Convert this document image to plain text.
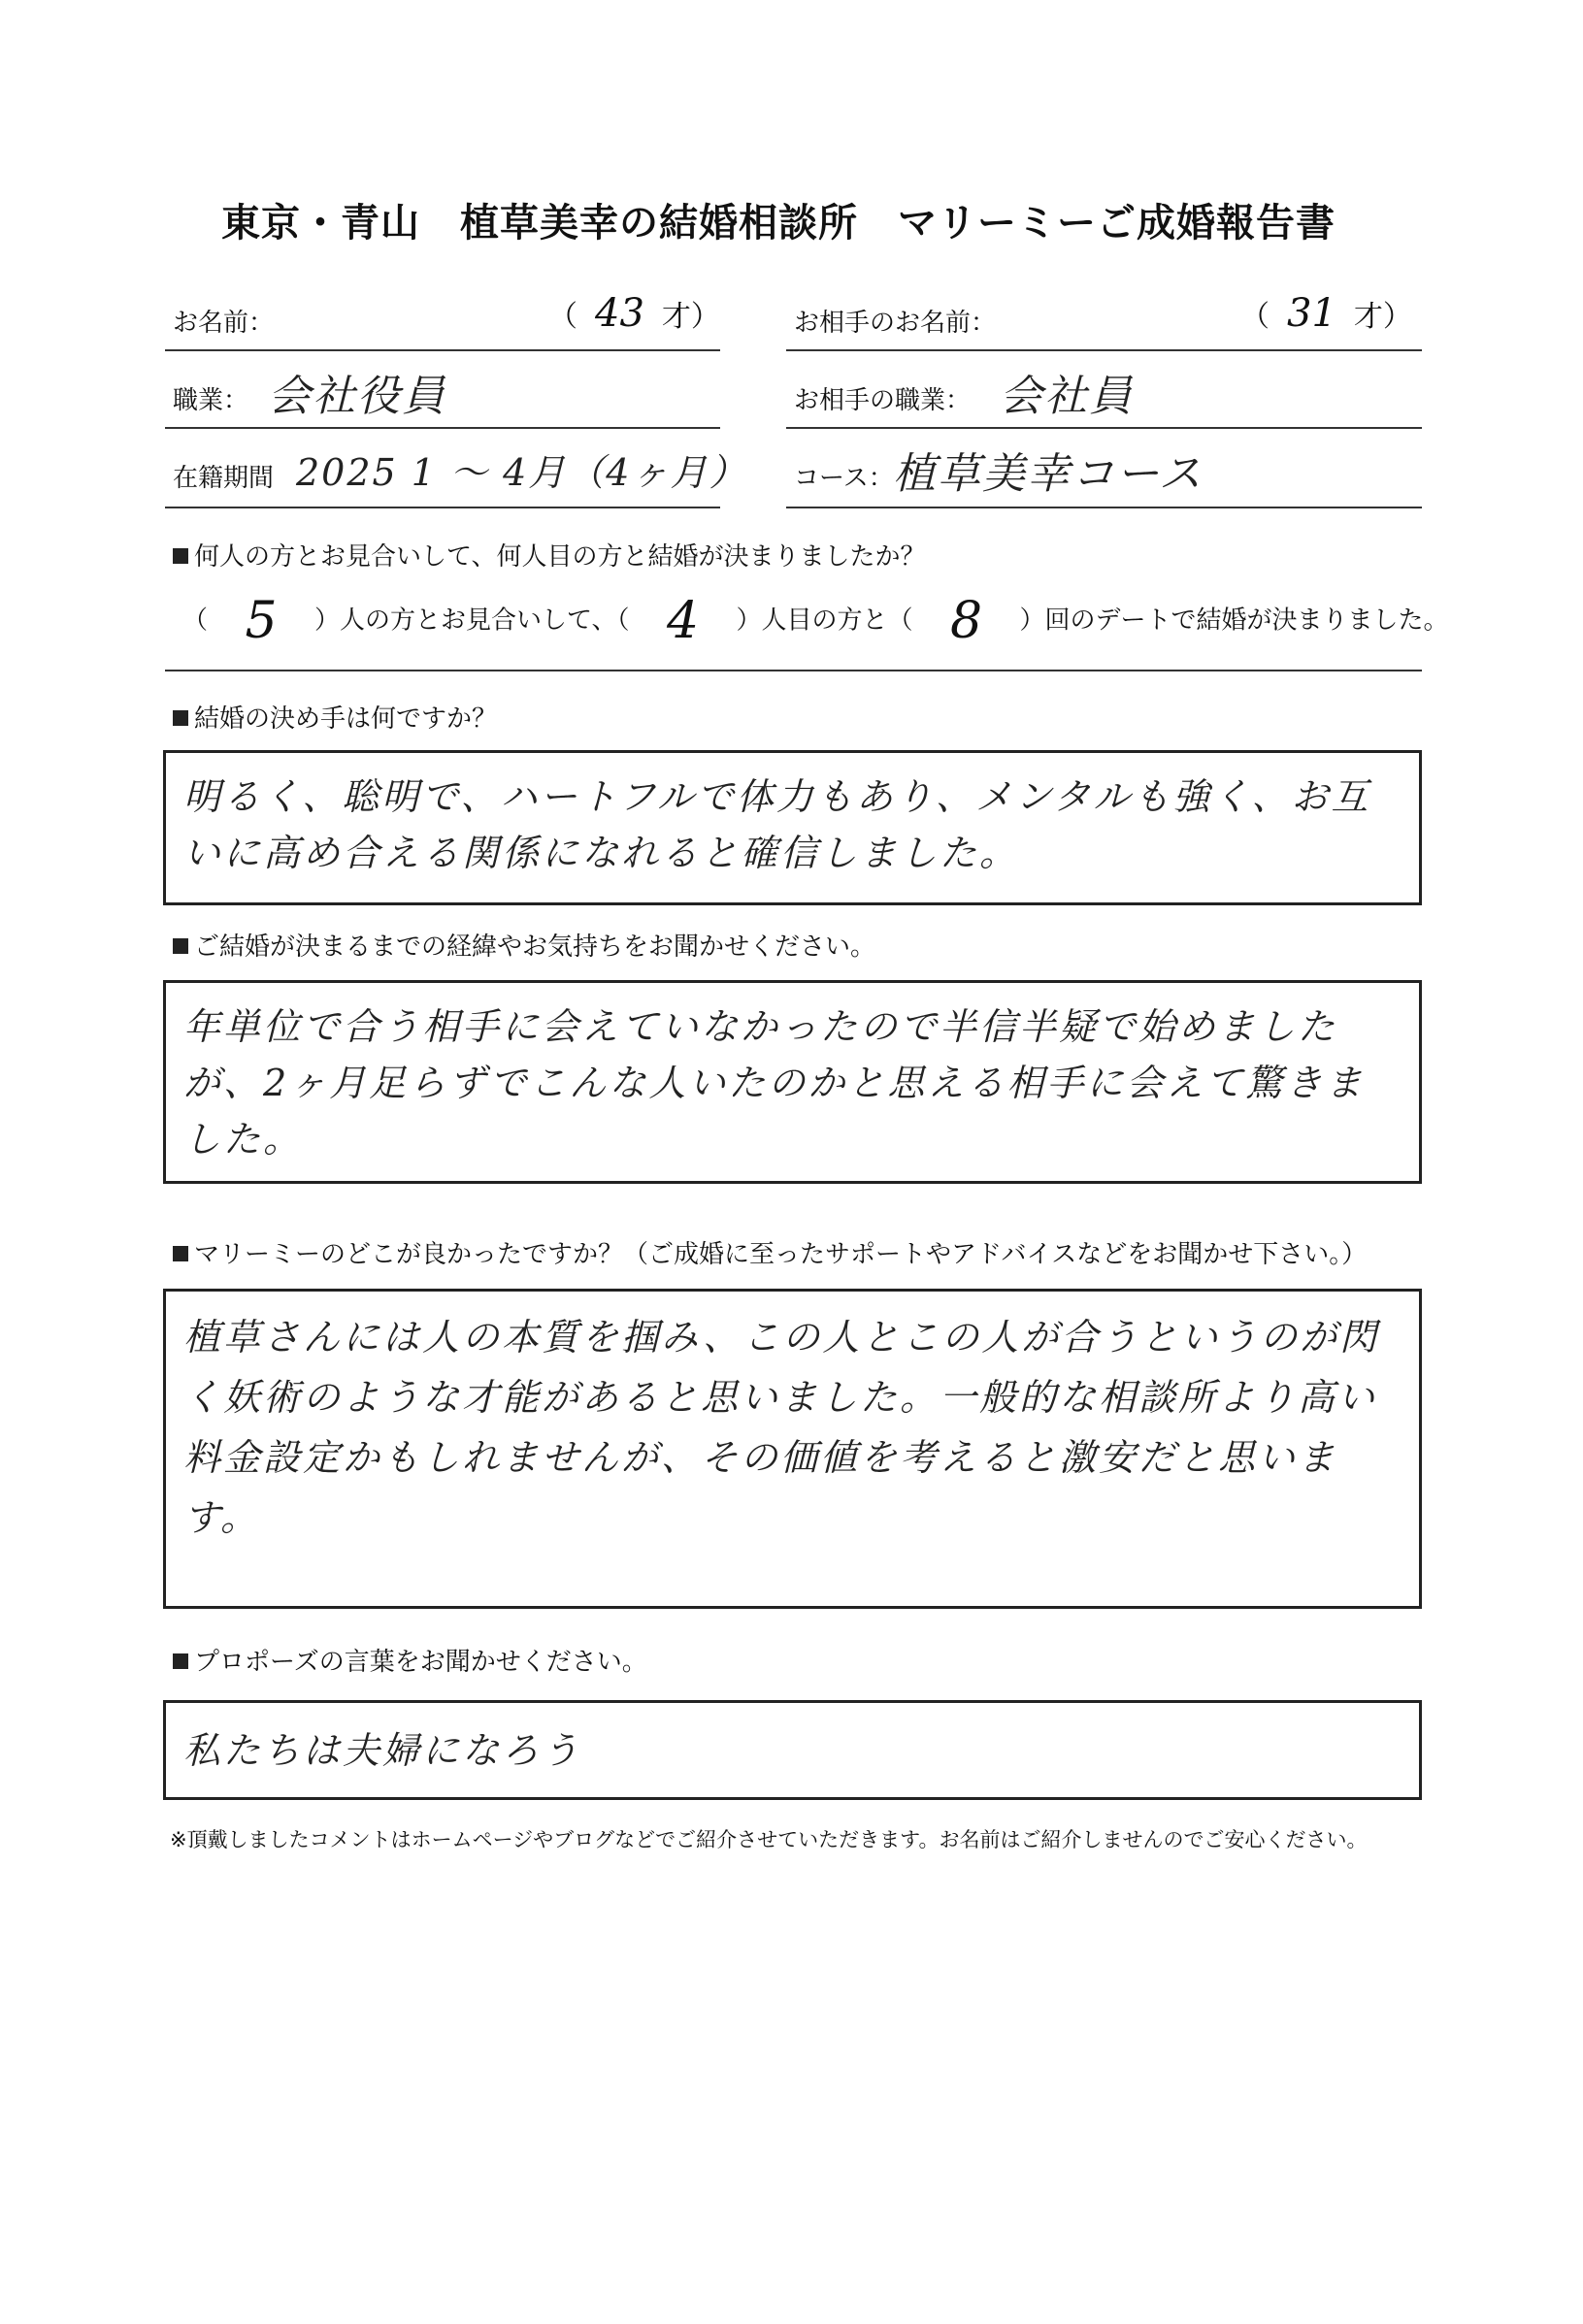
東京・青山　植草美幸の結婚相談所　マリーミーご成婚報告書
お名前：	（ 43 才）	お相手のお名前：	（ 31 才）
職業： 会社役員	お相手の職業： 会社員
在籍期間 2025 1 〜 4月（4ヶ月） コース： 植草美幸コース
何人の方とお見合いして、何人目の方と結婚が決まりましたか？
（ 5 ）人の方とお見合いして、（ 4 ）人目の方と（ 8 ）回のデートで結婚が決まりました。
結婚の決め手は何ですか？
明るく、聡明で、ハートフルで体力もあり、メンタルも強く、お互いに高め合える関係になれると確信しました。
ご結婚が決まるまでの経緯やお気持ちをお聞かせください。
年単位で合う相手に会えていなかったので半信半疑で始めましたが、2ヶ月足らずでこんな人いたのかと思える相手に会えて驚きました。
マリーミーのどこが良かったですか？（ご成婚に至ったサポートやアドバイスなどをお聞かせ下さい。）
植草さんには人の本質を掴み、この人とこの人が合うというのが閃く妖術のような才能があると思いました。一般的な相談所より高い料金設定かもしれませんが、その価値を考えると激安だと思います。
プロポーズの言葉をお聞かせください。
私たちは夫婦になろう
※頂戴しましたコメントはホームページやブログなどでご紹介させていただきます。お名前はご紹介しませんのでご安心ください。
